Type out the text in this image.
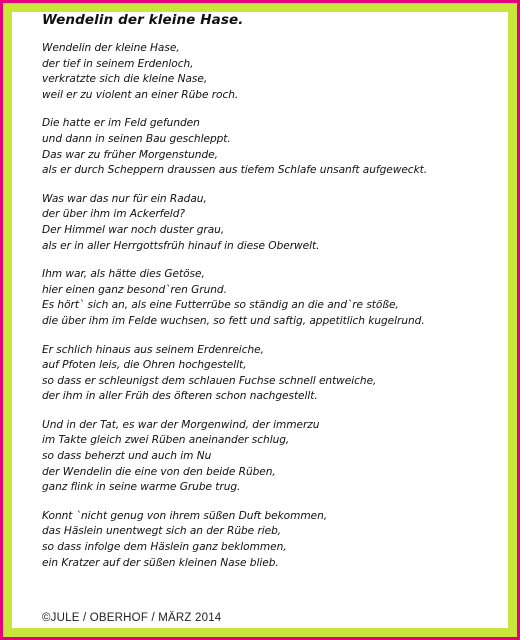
Wendelin der kleine Hase.
Wendelin der kleine Hase,
der tief in seinem Erdenloch,
verkratzte sich die kleine Nase,
weil er zu violent an einer Rübe roch.
Die hatte er im Feld gefunden
und dann in seinen Bau geschleppt.
Das war zu früher Morgenstunde,
als er durch Scheppern draussen aus tiefem Schlafe unsanft aufgeweckt.
Was war das nur für ein Radau,
der über ihm im Ackerfeld?
Der Himmel war noch duster grau,
als er in aller Herrgottsfrüh hinauf in diese Oberwelt.
Ihm war, als hätte dies Getöse,
hier einen ganz besond`ren Grund.
Es hört` sich an, als eine Futterrübe so ständig an die and`re stöße,
die über ihm im Felde wuchsen, so fett und saftig, appetitlich kugelrund.
Er schlich hinaus aus seinem Erdenreiche,
auf Pfoten leis, die Ohren hochgestellt,
so dass er schleunigst dem schlauen Fuchse schnell entweiche,
der ihm in aller Früh des öfteren schon nachgestellt.
Und in der Tat, es war der Morgenwind, der immerzu
im Takte gleich zwei Rüben aneinander schlug,
so dass beherzt und auch im Nu
der Wendelin die eine von den beide Rüben,
ganz flink in seine warme Grube trug.
Konnt `nicht genug von ihrem süßen Duft bekommen,
das Häslein unentwegt sich an der Rübe rieb,
so dass infolge dem Häslein ganz beklommen,
ein Kratzer auf der süßen kleinen Nase blieb.
©JULE / OBERHOF / MÄRZ 2014
